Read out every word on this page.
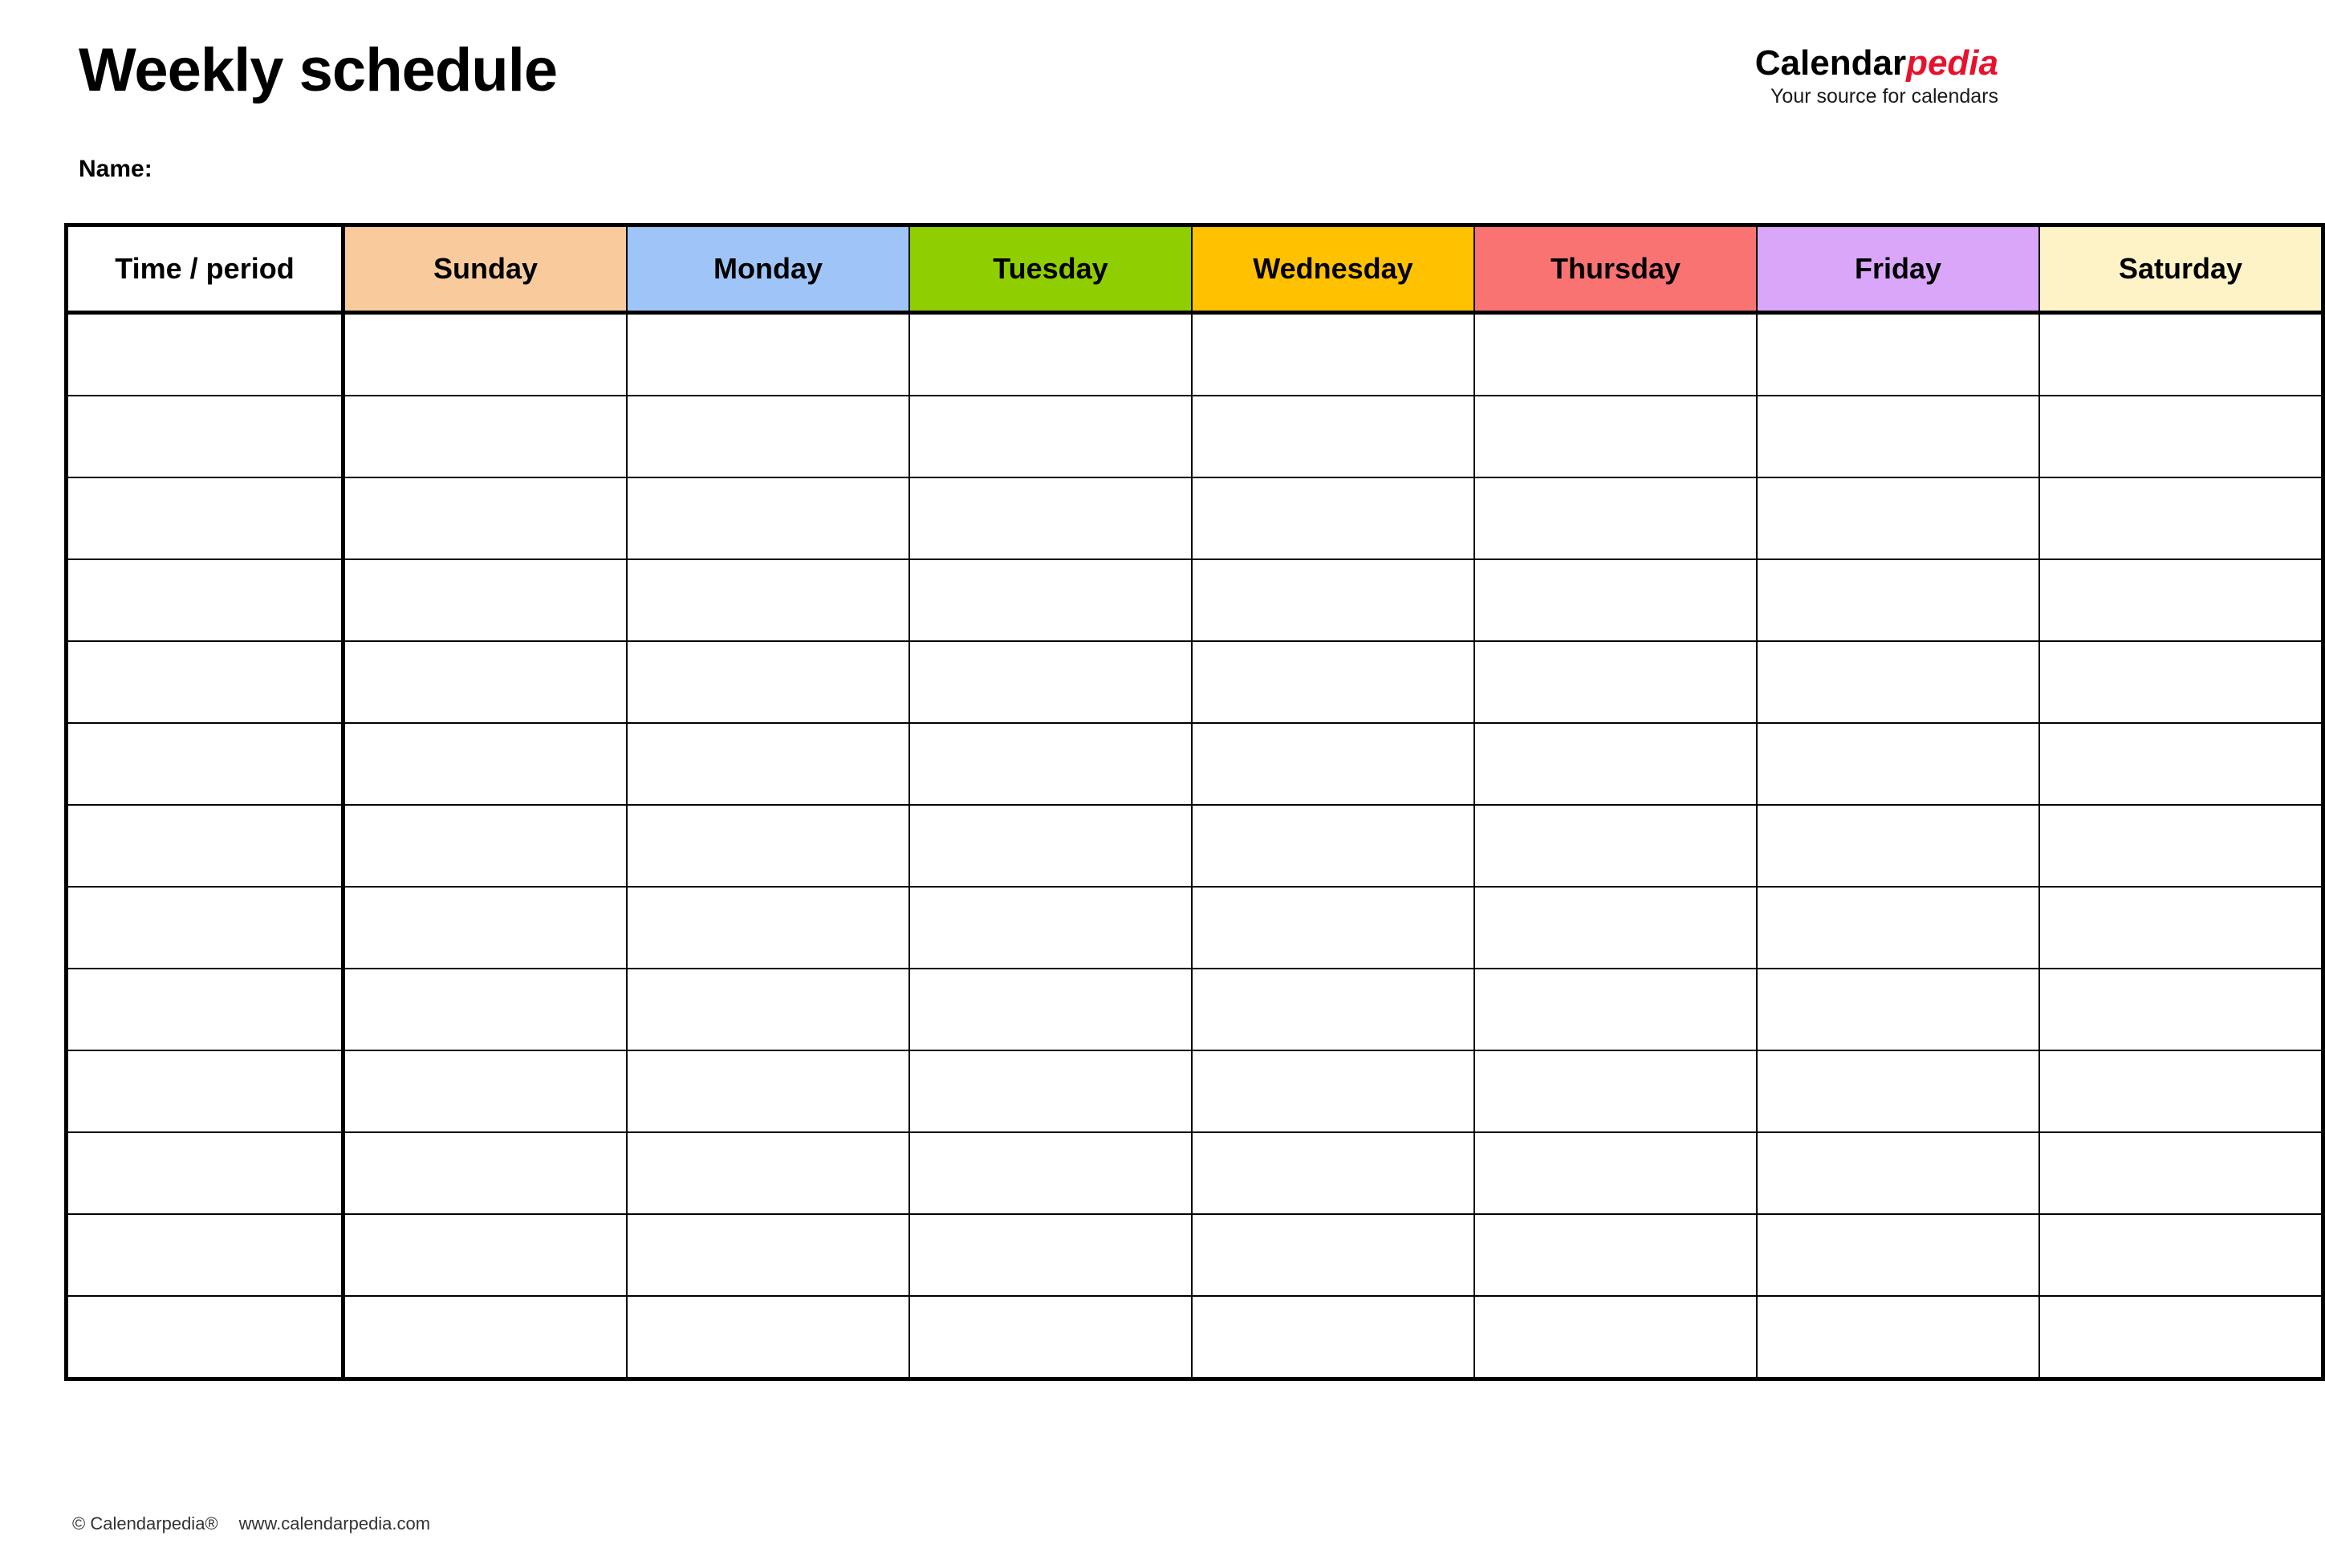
Weekly schedule
Name:
Calendarpedia
Your source for calendars
Time / period	Sunday	Monday	Tuesday	Wednesday	Thursday	Friday	Saturday

© Calendarpedia® www.calendarpedia.com
